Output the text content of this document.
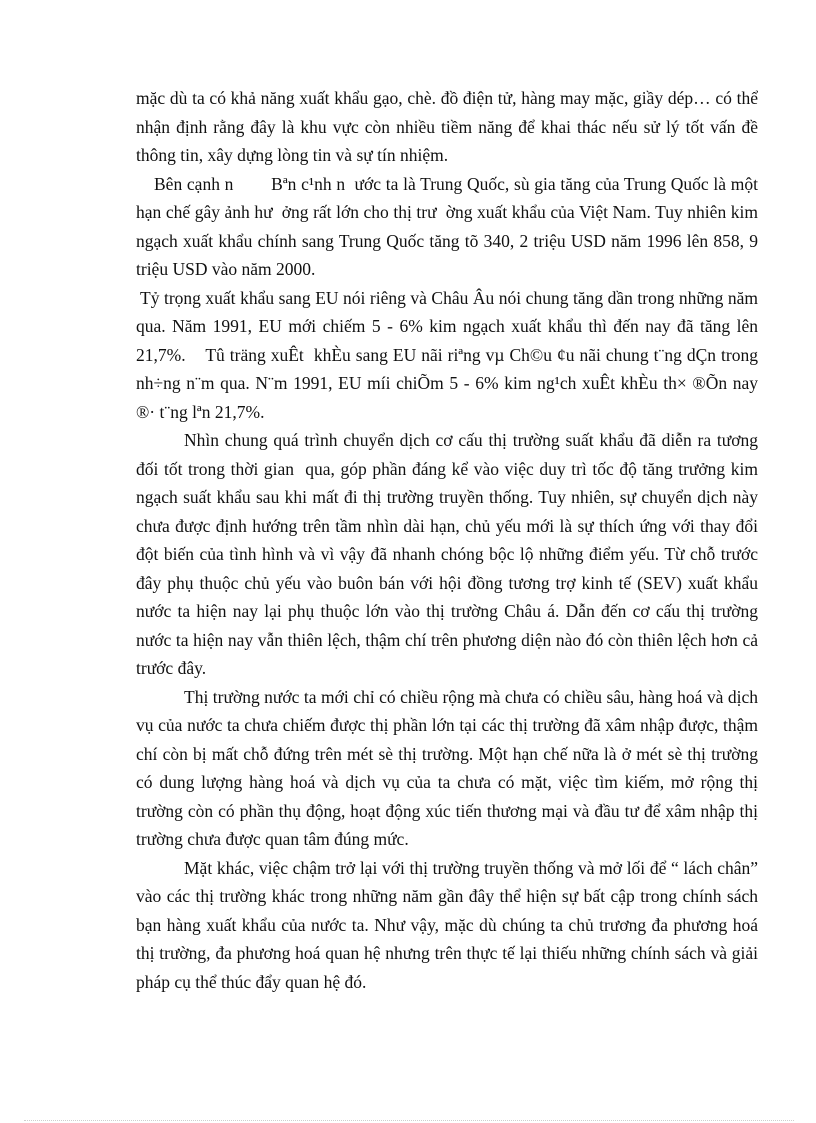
mặc dù ta có khả năng xuất khẩu gạo, chè. đồ điện tử, hàng may mặc, giầy dép… có thể nhận định rằng đây là khu vực còn nhiều tiềm năng để khai thác nếu sử lý tốt vấn đề thông tin, xây dựng lòng tin và sự tín nhiệm.

Bên cạnh n        Bªn c¹nh n  ước ta là Trung Quốc, sù gia tăng của Trung Quốc là một hạn chế gây ảnh hư  ởng rất lớn cho thị trư  ờng xuất khẩu của Việt Nam. Tuy nhiên kim ngạch xuất khẩu chính sang Trung Quốc tăng tõ 340, 2 triệu USD năm 1996 lên 858, 9 triệu USD vào năm 2000.

Tỷ trọng xuất khẩu sang EU nói riêng và Châu Âu nói chung tăng dần trong những năm qua. Năm 1991, EU mới chiếm 5 - 6% kim ngạch xuất khẩu thì đến nay đã tăng lên 21,7%.    Tû träng xuÊt  khÈu sang EU nãi riªng vµ Ch©u ¢u nãi chung t¨ng dÇn trong nh÷ng n¨m qua. N¨m 1991, EU míi chiÕm 5 - 6% kim ng¹ch xuÊt khÈu th× ®Õn nay ®· t¨ng lªn 21,7%.

Nhìn chung quá trình chuyển dịch cơ cấu thị trường suất khẩu đã diễn ra tương đối tốt trong thời gian  qua, góp phần đáng kể vào việc duy trì tốc độ tăng trưởng kim ngạch suất khẩu sau khi mất đi thị trường truyền thống. Tuy nhiên, sự chuyển dịch này chưa được định hướng trên tầm nhìn dài hạn, chủ yếu mới là sự thích ứng với thay đổi đột biến của tình hình và vì vậy đã nhanh chóng bộc lộ những điểm yếu. Từ chỗ trước đây phụ thuộc chủ yếu vào buôn bán với hội đồng tương trợ kinh tế (SEV) xuất khẩu nước ta hiện nay lại phụ thuộc lớn vào thị trường Châu á. Dẫn đến cơ cấu thị trường nước ta hiện nay vẫn thiên lệch, thậm chí trên phương diện nào đó còn thiên lệch hơn cả trước đây.

Thị trường nước ta mới chỉ có chiều rộng mà chưa có chiều sâu, hàng hoá và dịch vụ của nước ta chưa chiếm được thị phần lớn tại các thị trường đã xâm nhập được, thậm chí còn bị mất chỗ đứng trên mét sè thị trường. Một hạn chế nữa là ở mét sè thị trường có dung lượng hàng hoá và dịch vụ của ta chưa có mặt, việc tìm kiếm, mở rộng thị trường còn có phần thụ động, hoạt động xúc tiến thương mại và đầu tư để xâm nhập thị trường chưa được quan tâm đúng mức.

Mặt khác, việc chậm trở lại với thị trường truyền thống và mở lối để “ lách chân” vào các thị trường khác trong những năm gần đây thể hiện sự bất cập trong chính sách bạn hàng xuất khẩu của nước ta. Như vậy, mặc dù chúng ta chủ trương đa phương hoá thị trường, đa phương hoá quan hệ nhưng trên thực tế lại thiếu những chính sách và giải pháp cụ thể thúc đẩy quan hệ đó.
